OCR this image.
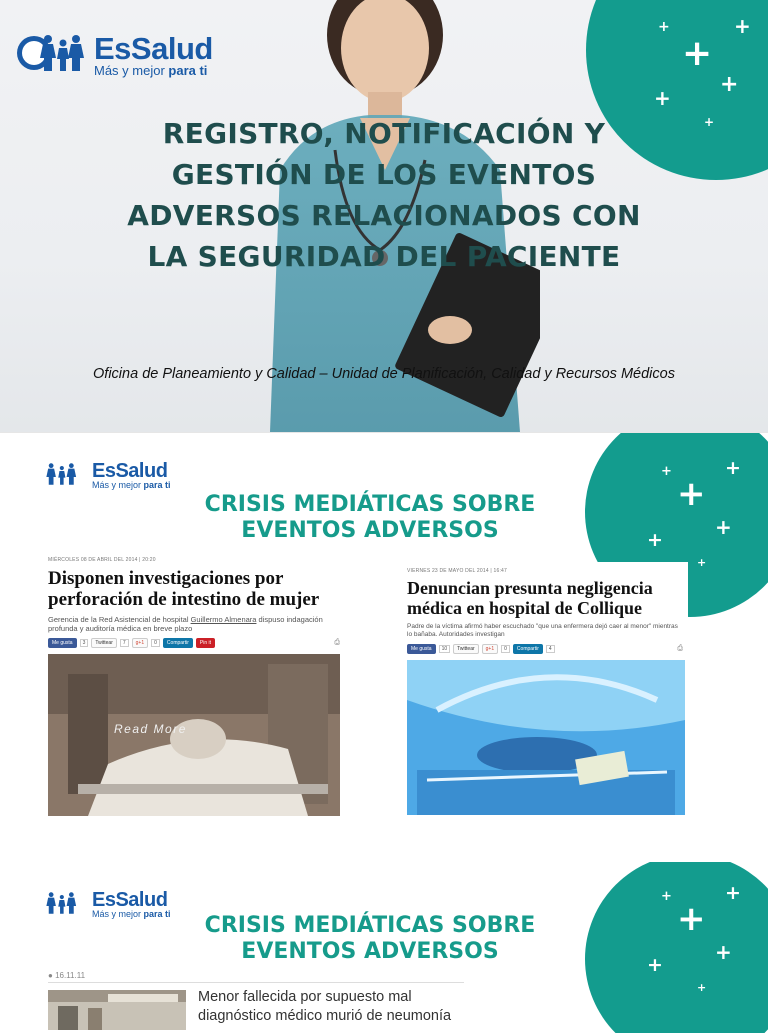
+	+
+
+
+
+
EsSalud
Más y mejor para ti
REGISTRO, NOTIFICACIÓN Y GESTIÓN DE LOS EVENTOS ADVERSOS RELACIONADOS CON LA SEGURIDAD DEL PACIENTE
Oficina de Planeamiento y Calidad – Unidad de Planificación, Calidad y Recursos Médicos
+	+
+
+
+
+
EsSalud
Más y mejor para ti
CRISIS MEDIÁTICAS SOBRE
EVENTOS ADVERSOS
MIÉRCOLES 08 DE ABRIL DEL 2014 | 20:20
Disponen investigaciones por perforación de intestino de mujer
Gerencia de la Red Asistencial de hospital Guillermo Almenara dispuso indagación profunda y auditoría médica en breve plazo
Me gusta	3	Twittear	7	g+1	0	Compartir	Pin it	⎙
Read More
VIERNES 23 DE MAYO DEL 2014 | 16:47
Denuncian presunta negligencia médica en hospital de Collique
Padre de la víctima afirmó haber escuchado "que una enfermera dejó caer al menor" mientras lo bañaba. Autoridades investigan
Me gusta	10	Twittear	g+1	0	Compartir	4	⎙
+	+
+
+
+
+
EsSalud
Más y mejor para ti	CRISIS MEDIÁTICAS SOBRE
EVENTOS ADVERSOS
● 16.11.11
Menor fallecida por supuesto mal diagnóstico médico murió de neumonía
